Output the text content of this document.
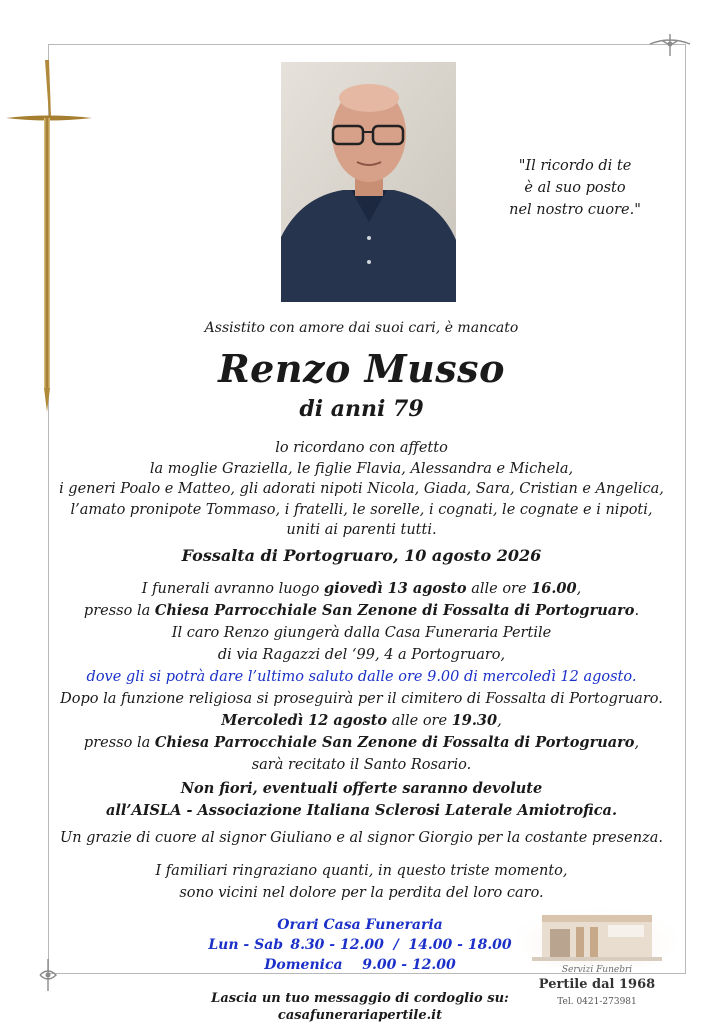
"Il ricordo di te
è al suo posto
nel nostro cuore."
Assistito con amore dai suoi cari, è mancato
Renzo Musso
di anni 79
lo ricordano con affetto
la moglie Graziella, le figlie Flavia, Alessandra e Michela,
i generi Poalo e Matteo, gli adorati nipoti Nicola, Giada, Sara, Cristian e Angelica,
l’amato pronipote Tommaso, i fratelli, le sorelle, i cognati, le cognate e i nipoti,
uniti ai parenti tutti.
Fossalta di Portogruaro, 10 agosto 2026
I funerali avranno luogo giovedì 13 agosto alle ore 16.00,
presso la Chiesa Parrocchiale San Zenone di Fossalta di Portogruaro.
Il caro Renzo giungerà dalla Casa Funeraria Pertile
di via Ragazzi del ‘99, 4 a Portogruaro,
dove gli si potrà dare l’ultimo saluto dalle ore 9.00 di mercoledì 12 agosto.
Dopo la funzione religiosa si proseguirà per il cimitero di Fossalta di Portogruaro.
Mercoledì 12 agosto alle ore 19.30,
presso la Chiesa Parrocchiale San Zenone di Fossalta di Portogruaro,
sarà recitato il Santo Rosario.
Non fiori, eventuali offerte saranno devolute
all’AISLA - Associazione Italiana Sclerosi Laterale Amiotrofica.
Un grazie di cuore al signor Giuliano e al signor Giorgio per la costante presenza.
I familiari ringraziano quanti, in questo triste momento,
sono vicini nel dolore per la perdita del loro caro.
Orari Casa Funeraria
Lun - Sab 8.30 - 12.00  /  14.00 - 18.00
Domenica 9.00 - 12.00
Lascia un tuo messaggio di cordoglio su:
casafunerariapertile.it
Servizi Funebri
Pertile dal 1968
Tel. 0421-273981
